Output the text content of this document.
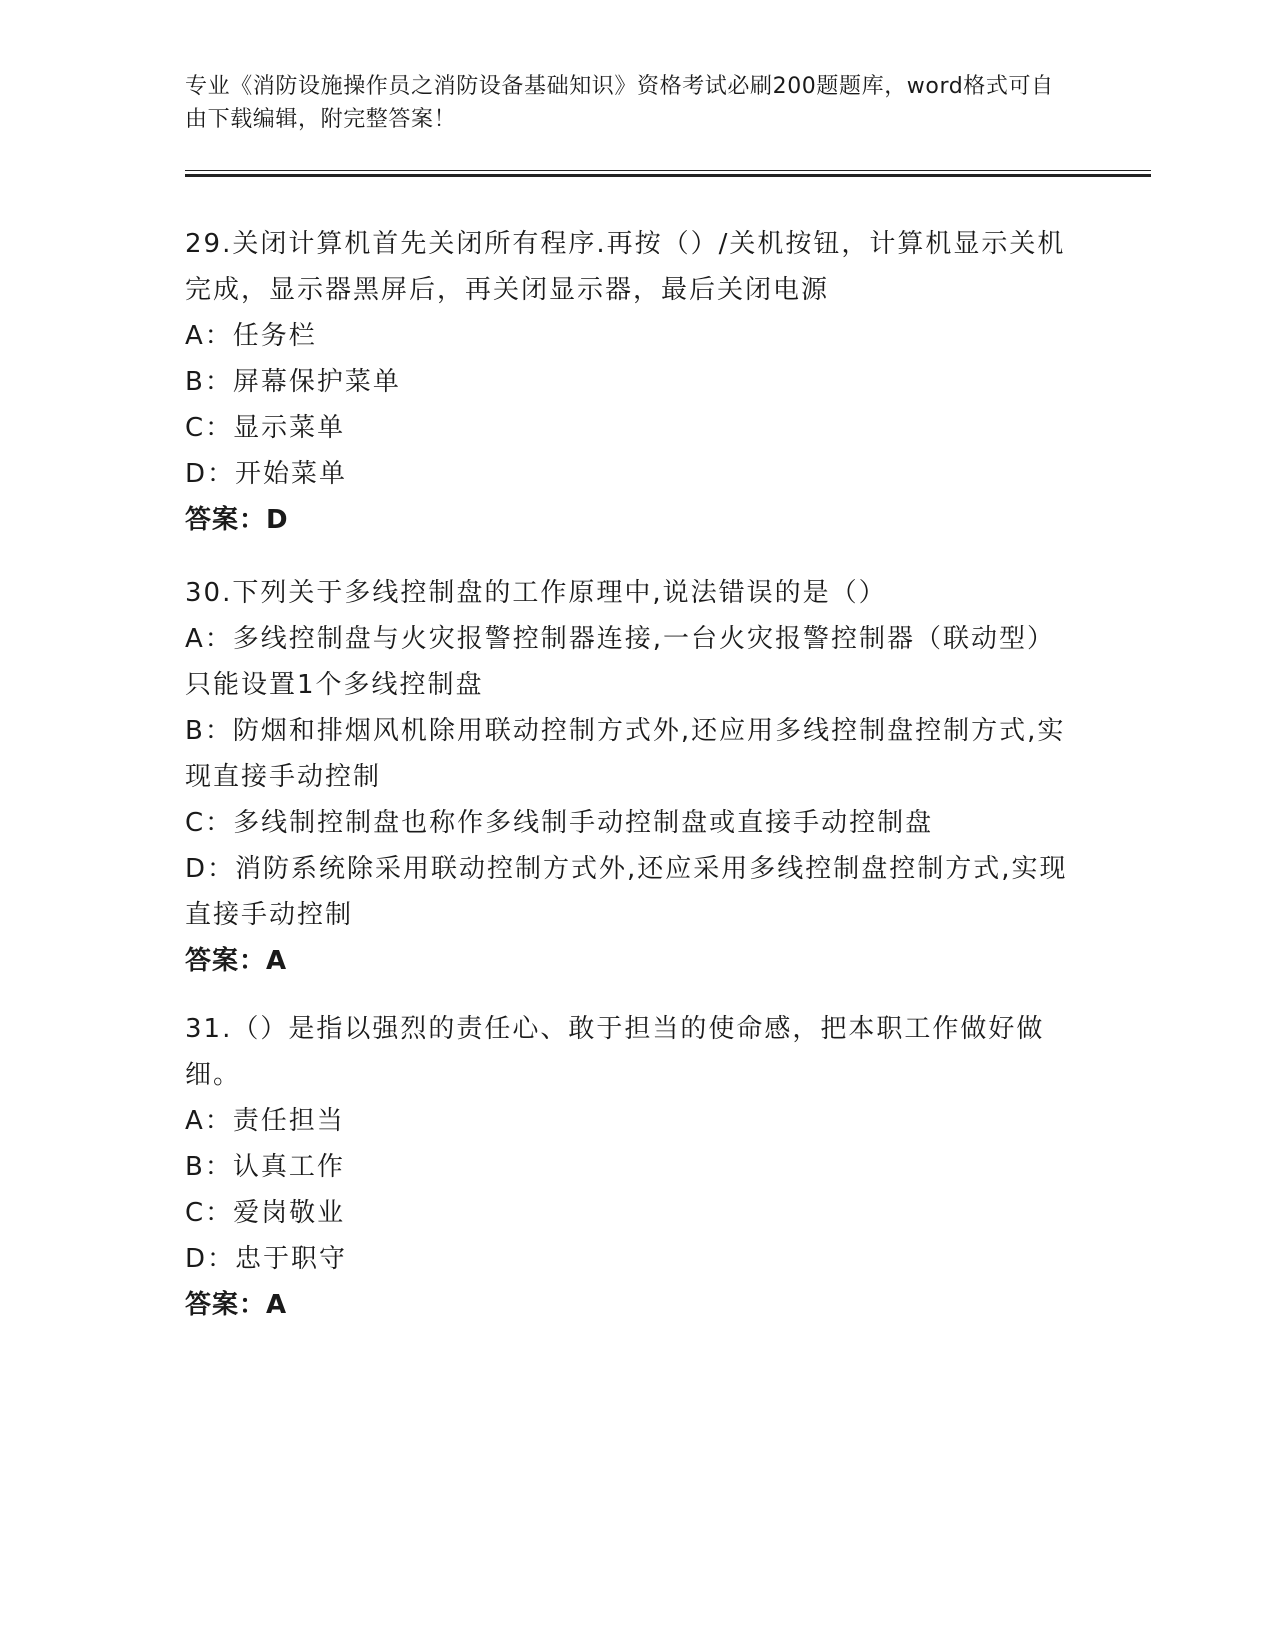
专业《消防设施操作员之消防设备基础知识》资格考试必刷200题题库，word格式可自由下载编辑，附完整答案！
29.关闭计算机首先关闭所有程序.再按（）/关机按钮，计算机显示关机完成，显示器黑屏后，再关闭显示器，最后关闭电源
A：任务栏
B：屏幕保护菜单
C：显示菜单
D：开始菜单
答案：D
30.下列关于多线控制盘的工作原理中,说法错误的是（）
A：多线控制盘与火灾报警控制器连接,一台火灾报警控制器（联动型）只能设置1个多线控制盘
B：防烟和排烟风机除用联动控制方式外,还应用多线控制盘控制方式,实现直接手动控制
C：多线制控制盘也称作多线制手动控制盘或直接手动控制盘
D：消防系统除采用联动控制方式外,还应采用多线控制盘控制方式,实现直接手动控制
答案：A
31.（）是指以强烈的责任心、敢于担当的使命感，把本职工作做好做细。
A：责任担当
B：认真工作
C：爱岗敬业
D：忠于职守
答案：A
